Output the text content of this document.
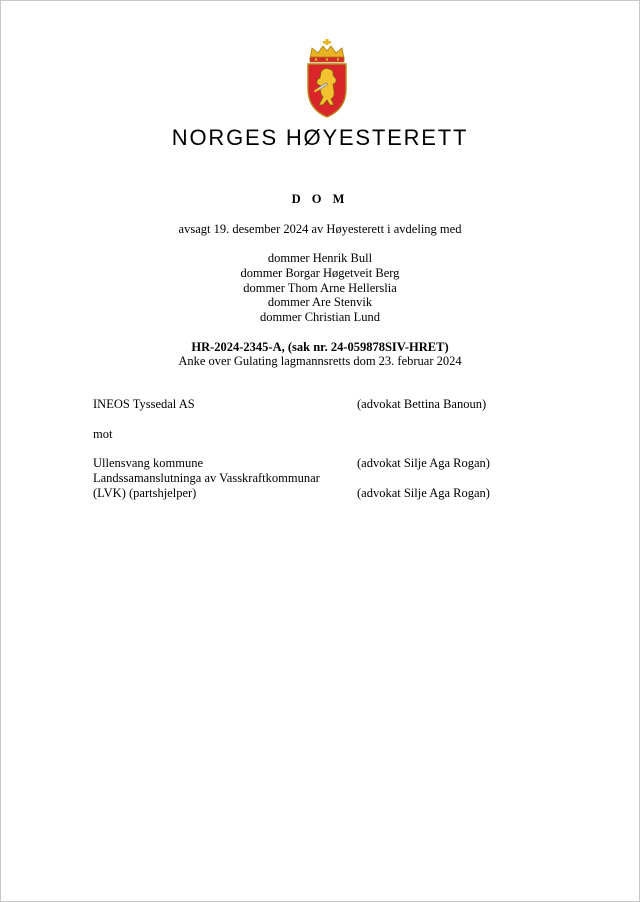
NORGES HØYESTERETT
D O M
avsagt 19. desember 2024 av Høyesterett i avdeling med
dommer Henrik Bull
dommer Borgar Høgetveit Berg
dommer Thom Arne Hellerslia
dommer Are Stenvik
dommer Christian Lund
HR-2024-2345-A, (sak nr. 24-059878SIV-HRET)
Anke over Gulating lagmannsretts dom 23. februar 2024
INEOS Tyssedal AS	(advokat Bettina Banoun)
mot
Ullensvang kommune	(advokat Silje Aga Rogan)
Landssamanslutninga av Vasskraftkommunar
(LVK) (partshjelper)	(advokat Silje Aga Rogan)
